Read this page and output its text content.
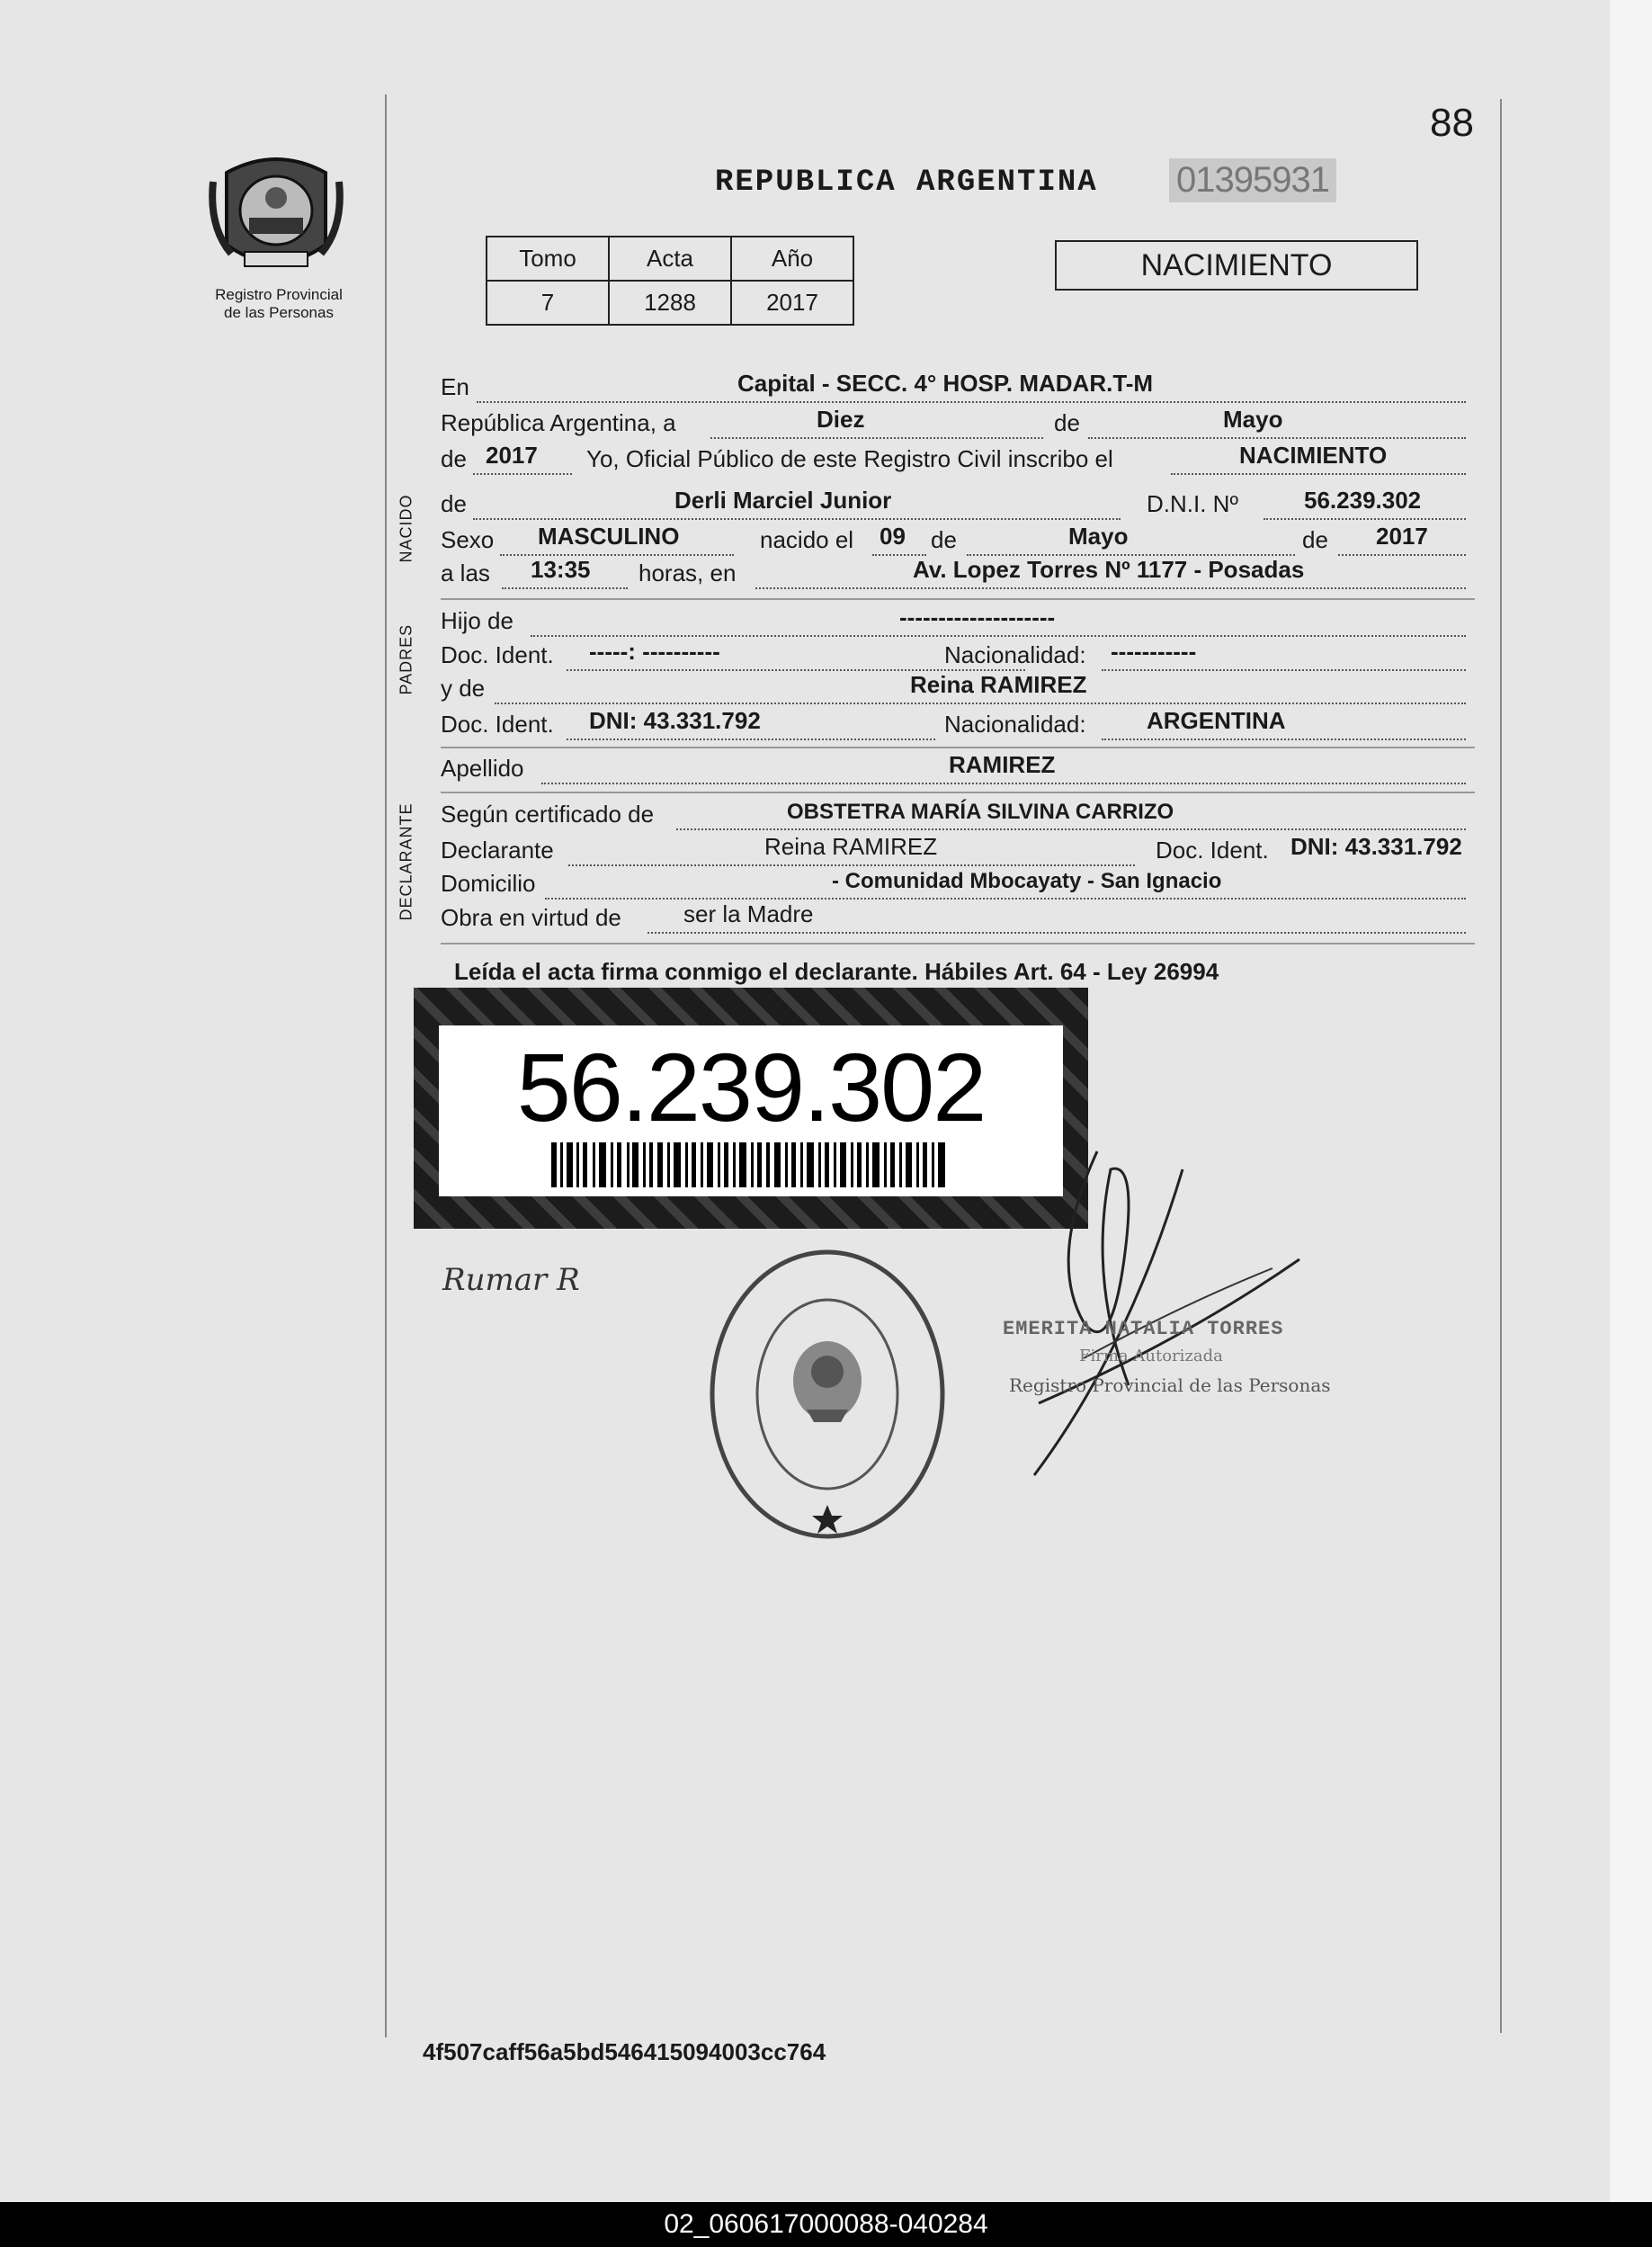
88
Registro Provincial
de las Personas
REPUBLICA ARGENTINA 01395931
Tomo	Acta	Año
7	1288	2017
NACIMIENTO
NACIDO
PADRES
DECLARANTE
En	Capital - SECC. 4° HOSP. MADAR.T-M
República Argentina, a	Diez	de	Mayo
de 2017 Yo, Oficial Público de este Registro Civil inscribo el	NACIMIENTO
de	Derli Marciel Junior	D.N.I. Nº	56.239.302
Sexo MASCULINO	nacido el 09 de	Mayo	de 2017
a las 13:35 horas, en	Av. Lopez Torres Nº 1177 - Posadas
Hijo de	--------------------
Doc. Ident. -----: ----------	Nacionalidad: -----------
y de	Reina RAMIREZ
Doc. Ident. DNI: 43.331.792	Nacionalidad:	ARGENTINA
Apellido	RAMIREZ
Según certificado de	OBSTETRA MARÍA SILVINA CARRIZO
Declarante	Reina RAMIREZ	Doc. Ident. DNI: 43.331.792
Domicilio	- Comunidad Mbocayaty - San Ignacio
Obra en virtud de	ser la Madre
Leída el acta firma conmigo el declarante. Hábiles Art. 64 - Ley 26994
56.239.302
Rumar R
EMERITA NATALIA TORRES
Firma Autorizada
Registro Provincial de las Personas
4f507caff56a5bd546415094003cc764
02_060617000088-040284
